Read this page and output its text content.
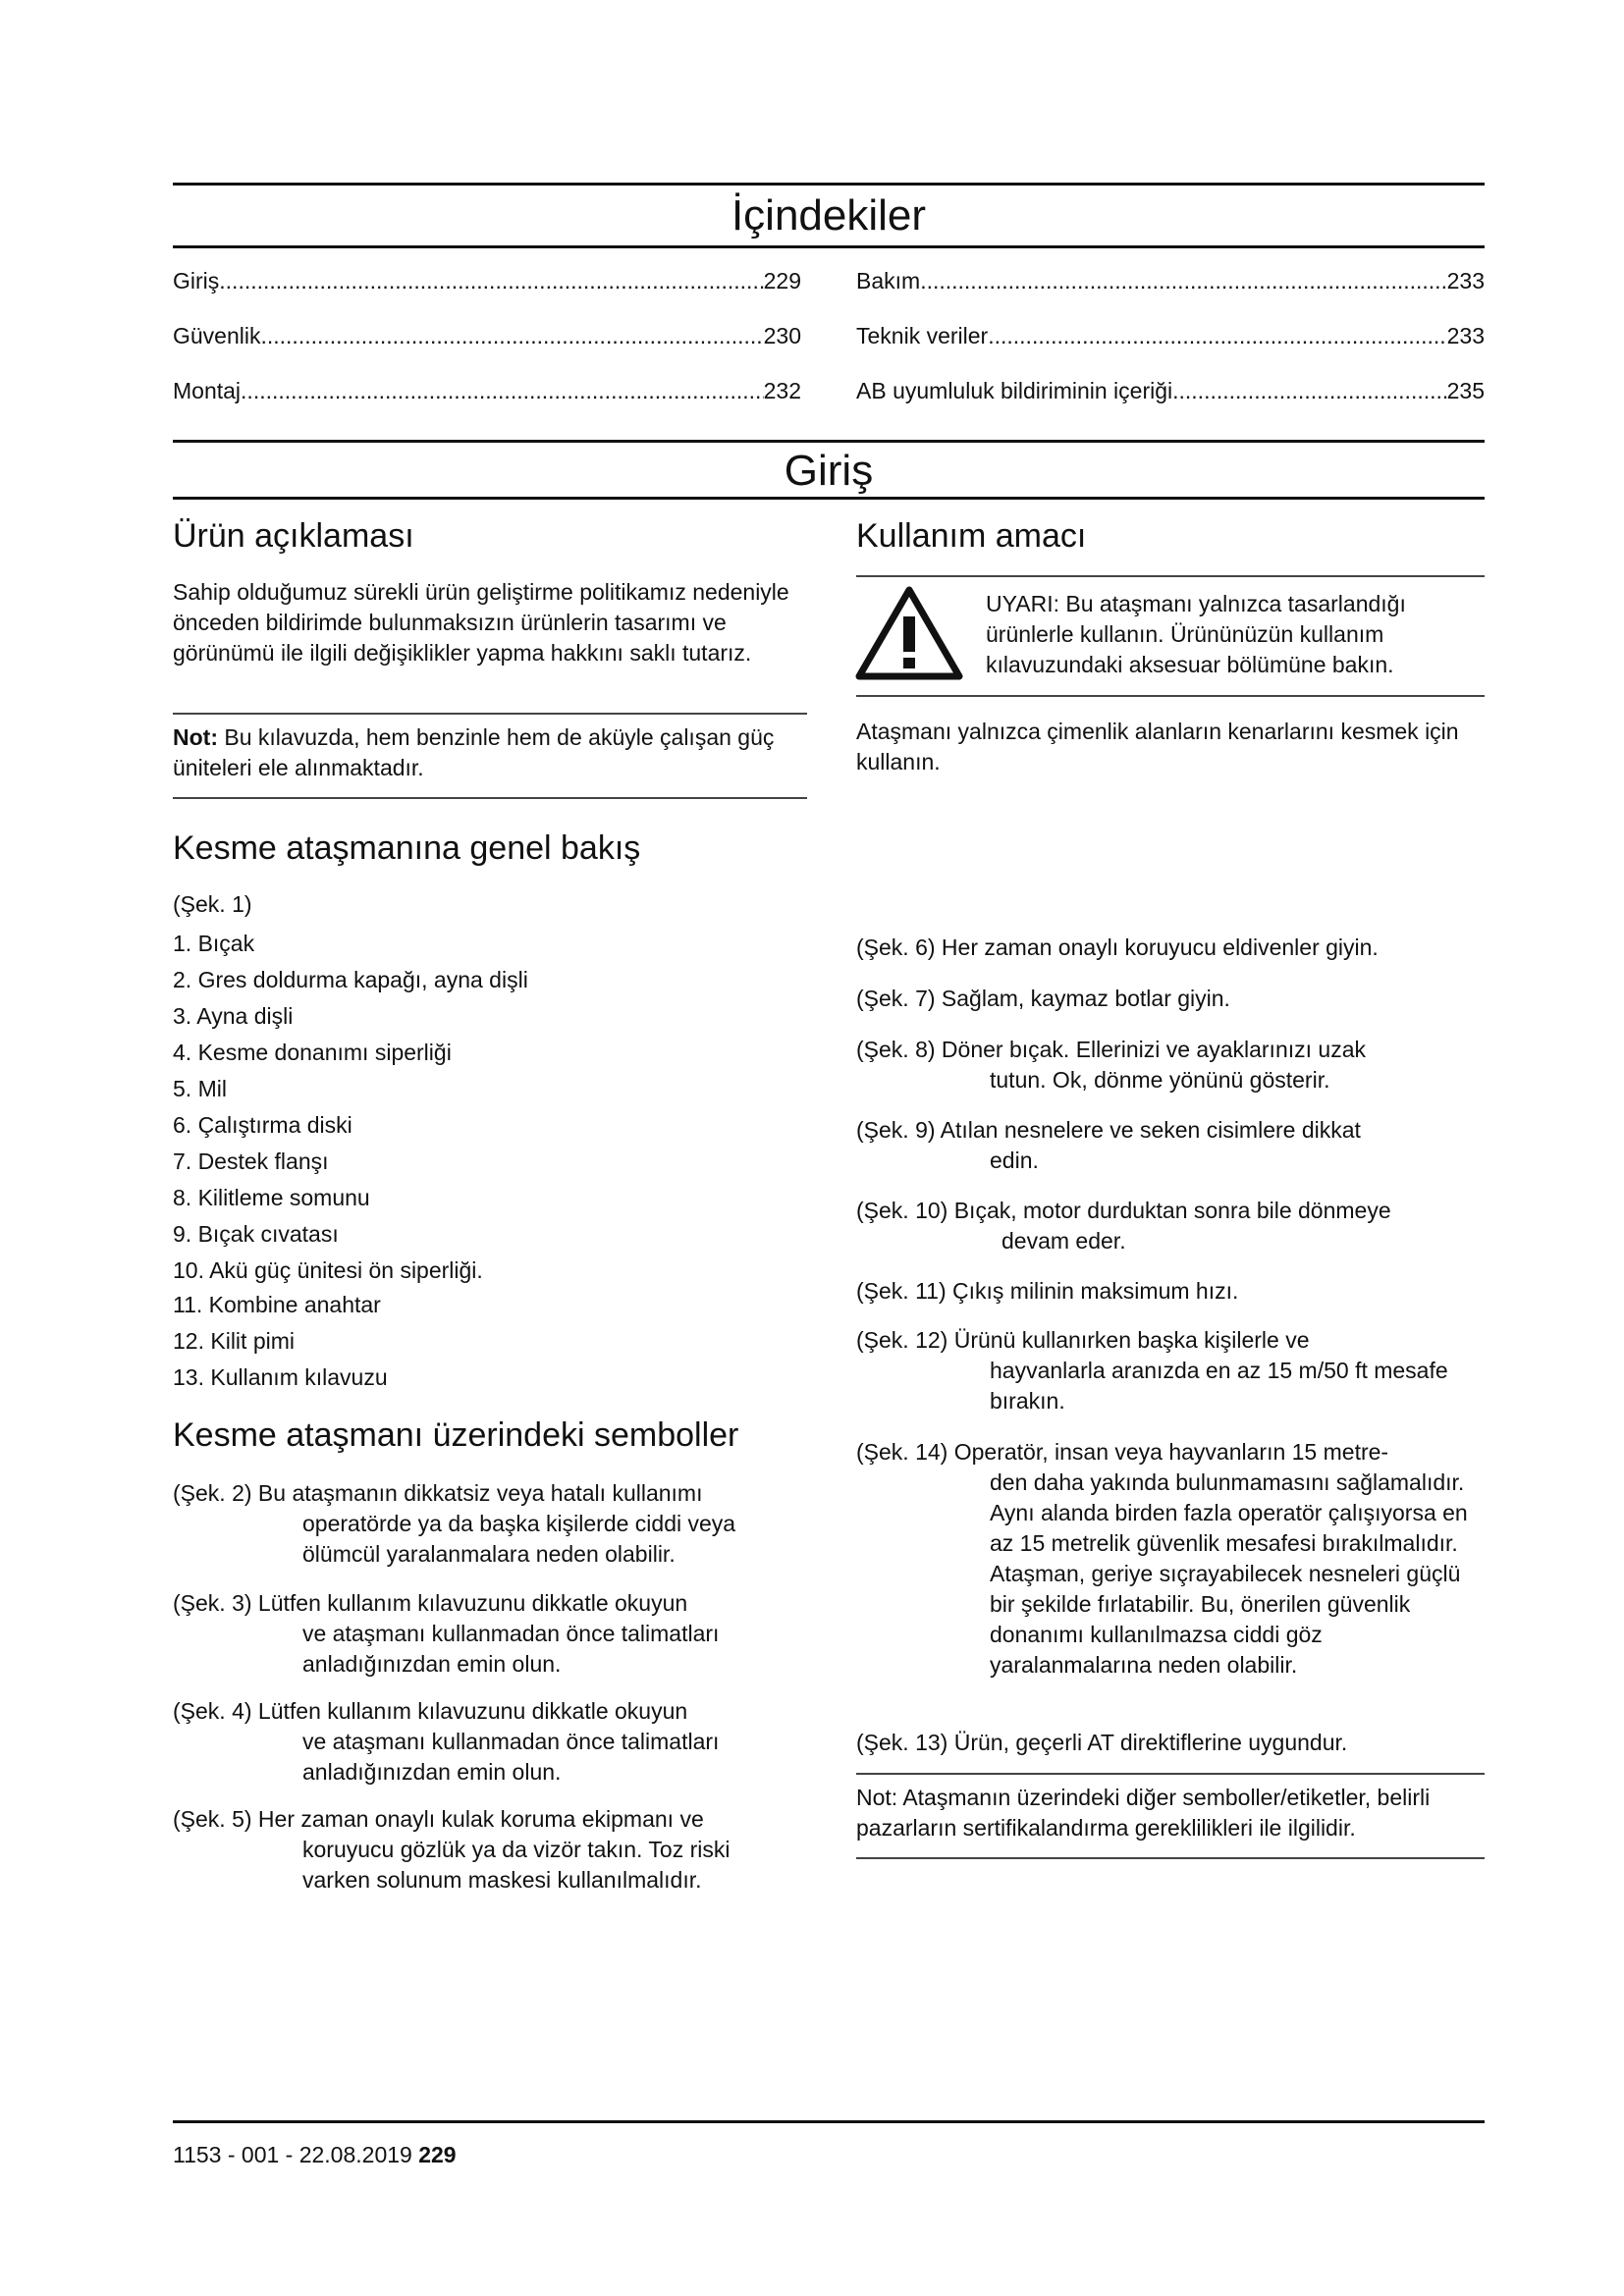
İçindekiler
Giriş .....	229
Güvenlik .....	230
Montaj .....	232
Bakım .....	233
Teknik veriler .....	233
AB uyumluluk bildiriminin içeriği .....	235
Giriş
Ürün açıklaması

Sahip olduğumuz sürekli ürün geliştirme politikamız nedeniyle önceden bildirimde bulunmaksızın ürünlerin tasarımı ve görünümü ile ilgili değişiklikler yapma hakkını saklı tutarız.

Not: Bu kılavuzda, hem benzinle hem de aküyle çalışan güç üniteleri ele alınmaktadır.

Kullanım amacı

UYARI: Bu ataşmanı yalnızca tasarlandığı ürünlerle kullanın. Ürününüzün kullanım kılavuzundaki aksesuar bölümüne bakın.

Ataşmanı yalnızca çimenlik alanların kenarlarını kesmek için kullanın.

Kesme ataşmanına genel bakış
(Şek. 1)
1. Bıçak
2. Gres doldurma kapağı, ayna dişli
3. Ayna dişli
4. Kesme donanımı siperliği
5. Mil
6. Çalıştırma diski
7. Destek flanşı
8. Kilitleme somunu
9. Bıçak cıvatası
10. Akü güç ünitesi ön siperliği.
11. Kombine anahtar
12. Kilit pimi
13. Kullanım kılavuzu
Kesme ataşmanı üzerindeki semboller
(Şek. 2) Bu ataşmanın dikkatsiz veya hatalı kullanımı
operatörde ya da başka kişilerde ciddi veya ölümcül yaralanmalara neden olabilir.
(Şek. 3) Lütfen kullanım kılavuzunu dikkatle okuyun
ve ataşmanı kullanmadan önce talimatları anladığınızdan emin olun.
(Şek. 4) Lütfen kullanım kılavuzunu dikkatle okuyun
ve ataşmanı kullanmadan önce talimatları anladığınızdan emin olun.
(Şek. 5) Her zaman onaylı kulak koruma ekipmanı ve
koruyucu gözlük ya da vizör takın. Toz riski varken solunum maskesi kullanılmalıdır.
(Şek. 6) Her zaman onaylı koruyucu eldivenler giyin.
(Şek. 7) Sağlam, kaymaz botlar giyin.
(Şek. 8) Döner bıçak. Ellerinizi ve ayaklarınızı uzak
tutun. Ok, dönme yönünü gösterir.
(Şek. 9) Atılan nesnelere ve seken cisimlere dikkat
edin.
(Şek. 10) Bıçak, motor durduktan sonra bile dönmeye
devam eder.
(Şek. 11) Çıkış milinin maksimum hızı.
(Şek. 12) Ürünü kullanırken başka kişilerle ve
hayvanlarla aranızda en az 15 m/50 ft mesafe bırakın.
(Şek. 14) Operatör, insan veya hayvanların 15 metre-
den daha yakında bulunmamasını sağlamalıdır. Aynı alanda birden fazla operatör çalışıyorsa en az 15 metrelik güvenlik mesafesi bırakılmalıdır. Ataşman, geriye sıçrayabilecek nesneleri güçlü bir şekilde fırlatabilir. Bu, önerilen güvenlik donanımı kullanılmazsa ciddi göz yaralanmalarına neden olabilir.
(Şek. 13) Ürün, geçerli AT direktiflerine uygundur.

Not: Ataşmanın üzerindeki diğer semboller/etiketler, belirli pazarların sertifikalandırma gereklilikleri ile ilgilidir.

1153 - 001 - 22.08.2019 229
